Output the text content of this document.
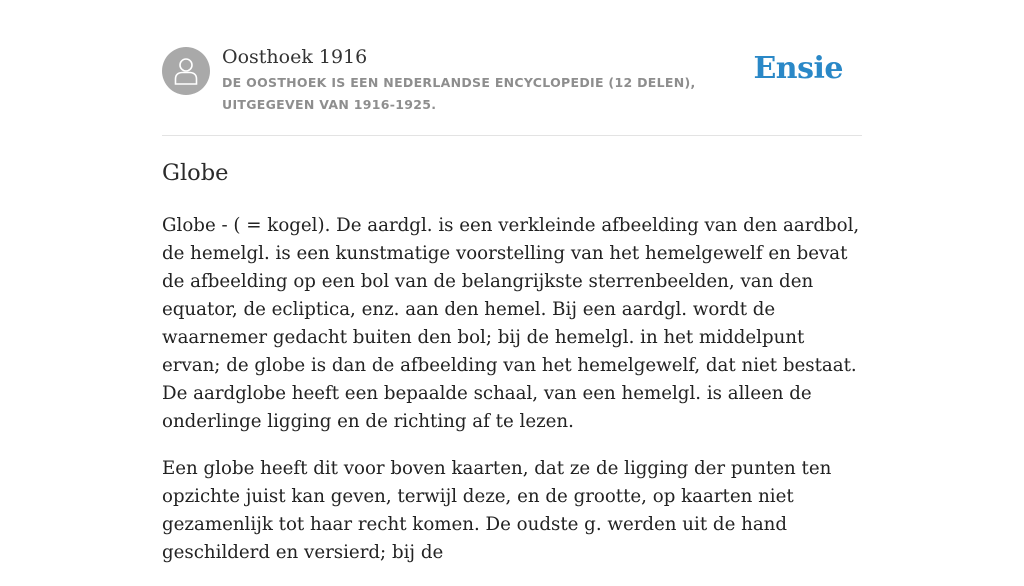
Oosthoek 1916
DE OOSTHOEK IS EEN NEDERLANDSE ENCYCLOPEDIE (12 DELEN), UITGEGEVEN VAN 1916-1925.
Ensie
Globe

Globe - ( = kogel). De aardgl. is een verkleinde afbeelding van den aardbol, de hemelgl. is een kunstmatige voorstelling van het hemelgewelf en bevat de afbeelding op een bol van de belangrijkste sterrenbeelden, van den equator, de ecliptica, enz. aan den hemel. Bij een aardgl. wordt de waarnemer gedacht buiten den bol; bij de hemelgl. in het middelpunt ervan; de globe is dan de afbeelding van het hemelgewelf, dat niet bestaat. De aardglobe heeft een bepaalde schaal, van een hemelgl. is alleen de onderlinge ligging en de richting af te lezen.

Een globe heeft dit voor boven kaarten, dat ze de ligging der punten ten opzichte juist kan geven, terwijl deze, en de grootte, op kaarten niet gezamenlijk tot haar recht komen. De oudste g. werden uit de hand geschilderd en versierd; bij de
